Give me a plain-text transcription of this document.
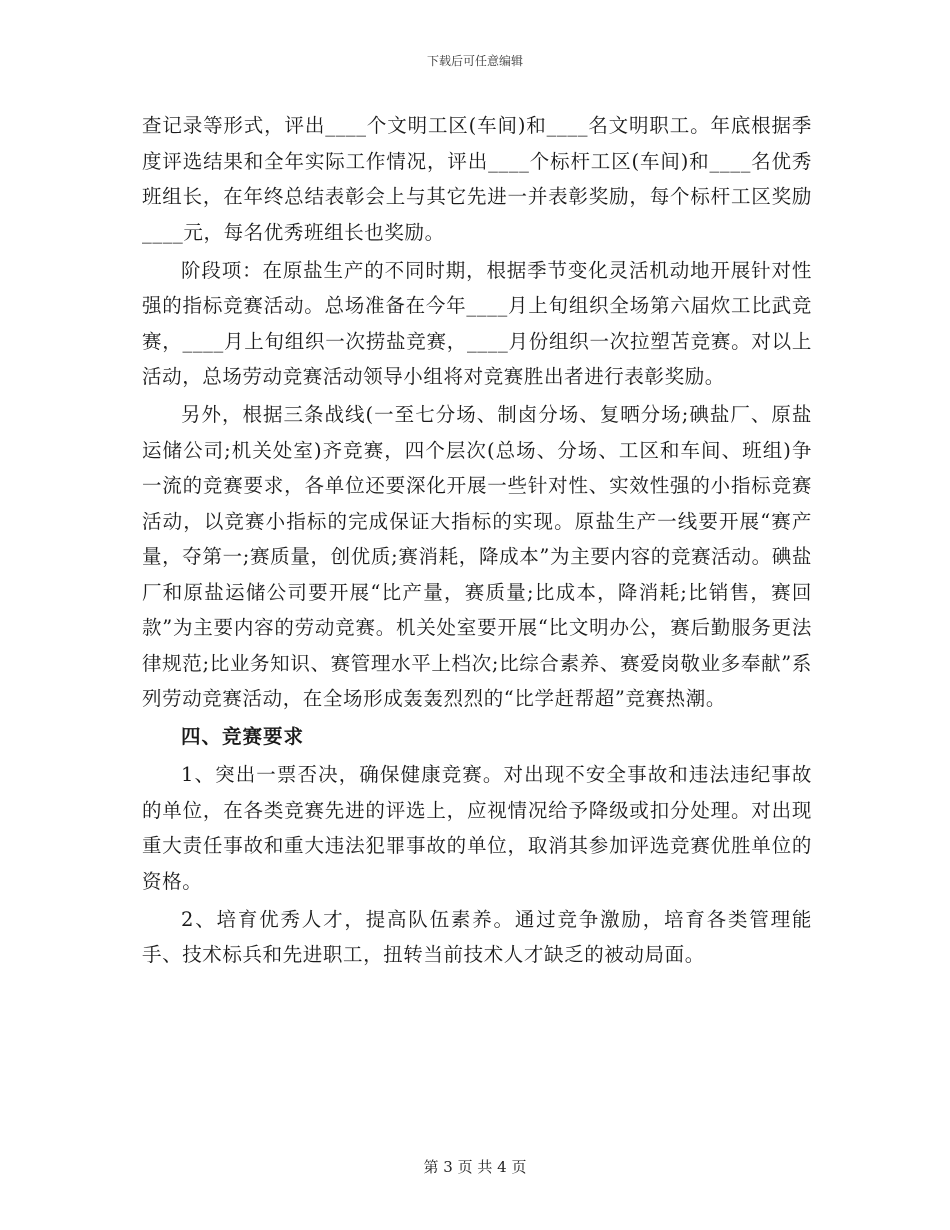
下载后可任意编辑

查记录等形式，评出____个文明工区(车间)和____名文明职工。年底根据季度评选结果和全年实际工作情况，评出____个标杆工区(车间)和____名优秀班组长，在年终总结表彰会上与其它先进一并表彰奖励，每个标杆工区奖励____元，每名优秀班组长也奖励。

阶段项：在原盐生产的不同时期，根据季节变化灵活机动地开展针对性强的指标竞赛活动。总场准备在今年____月上旬组织全场第六届炊工比武竞赛，____月上旬组织一次捞盐竞赛，____月份组织一次拉塑苫竞赛。对以上活动，总场劳动竞赛活动领导小组将对竞赛胜出者进行表彰奖励。

另外，根据三条战线(一至七分场、制卤分场、复晒分场;碘盐厂、原盐运储公司;机关处室)齐竞赛，四个层次(总场、分场、工区和车间、班组)争一流的竞赛要求，各单位还要深化开展一些针对性、实效性强的小指标竞赛活动，以竞赛小指标的完成保证大指标的实现。原盐生产一线要开展“赛产量，夺第一;赛质量，创优质;赛消耗，降成本”为主要内容的竞赛活动。碘盐厂和原盐运储公司要开展“比产量，赛质量;比成本，降消耗;比销售，赛回款”为主要内容的劳动竞赛。机关处室要开展“比文明办公，赛后勤服务更法律规范;比业务知识、赛管理水平上档次;比综合素养、赛爱岗敬业多奉献”系列劳动竞赛活动，在全场形成轰轰烈烈的“比学赶帮超”竞赛热潮。

四、竞赛要求

1、突出一票否决，确保健康竞赛。对出现不安全事故和违法违纪事故的单位，在各类竞赛先进的评选上，应视情况给予降级或扣分处理。对出现重大责任事故和重大违法犯罪事故的单位，取消其参加评选竞赛优胜单位的资格。

2、培育优秀人才，提高队伍素养。通过竞争激励，培育各类管理能手、技术标兵和先进职工，扭转当前技术人才缺乏的被动局面。

第 3 页 共 4 页
